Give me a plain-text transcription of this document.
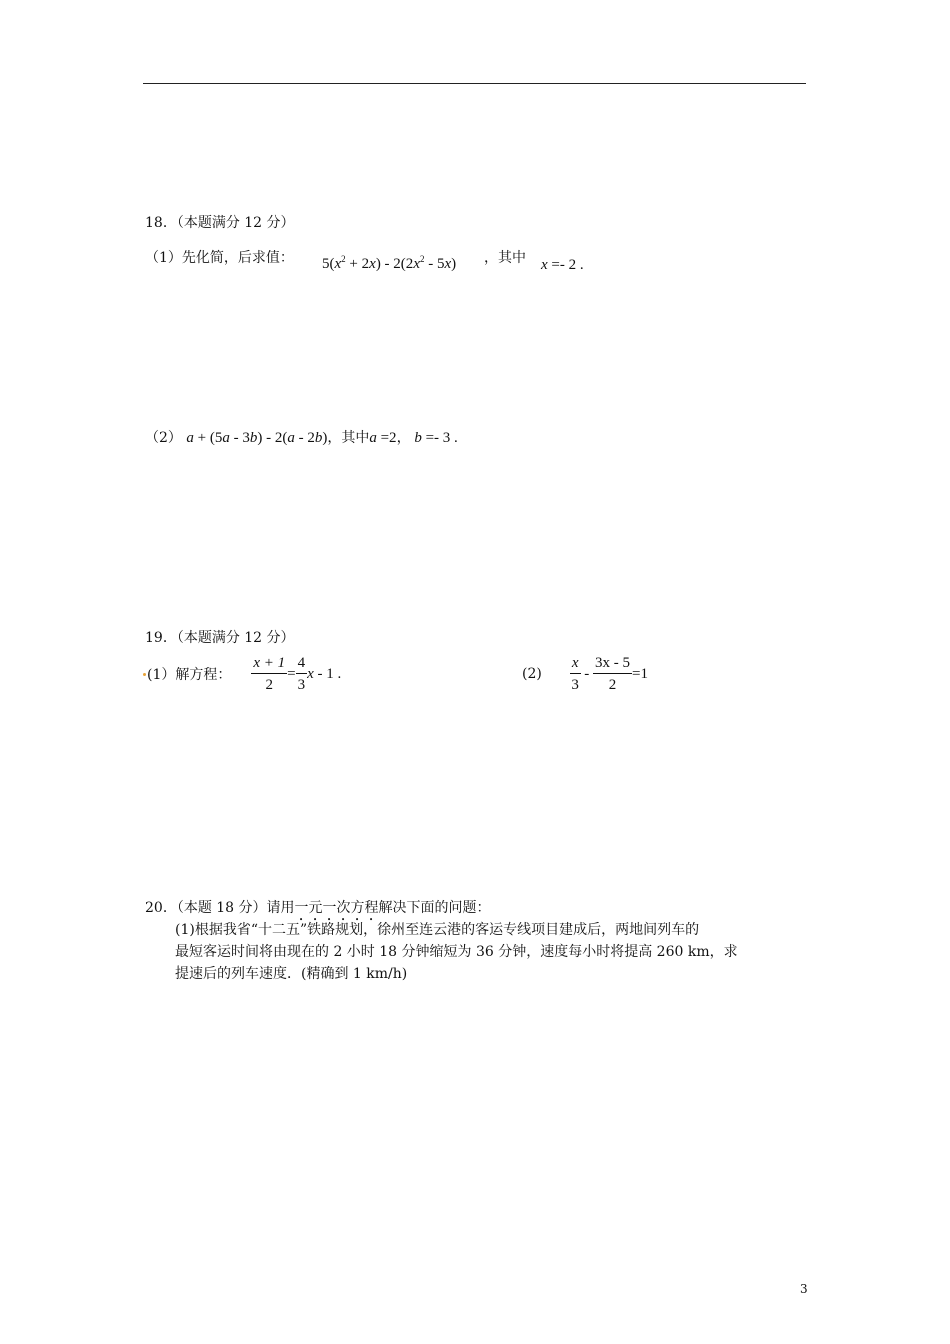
18．（本题满分 12 分）
（1）先化简，后求值： $5(x^2 + 2x) - 2(2x^2 - 5x)$ ，其中 x =- 2 .
（2） a + (5a - 3b) - 2(a - 2b)，其中a =2， b =- 3 .
19．（本题满分 12 分）
(1）解方程： $\frac{x + 1}{2} = \frac{4}{3}$ x - 1 .	$(2) \frac{x}{3} - \frac{3x - 5}{2} =1$
20．（本题 18 分）请用一元一次方程解决下面的问题：

(1)根据我省“十二五”铁路规划，徐州至连云港的客运专线项目建成后，两地间列车的

最短客运时间将由现在的 2 小时 18 分钟缩短为 36 分钟，速度每小时将提高 260 km，求

提速后的列车速度．(精确到 1 km/h)

3
